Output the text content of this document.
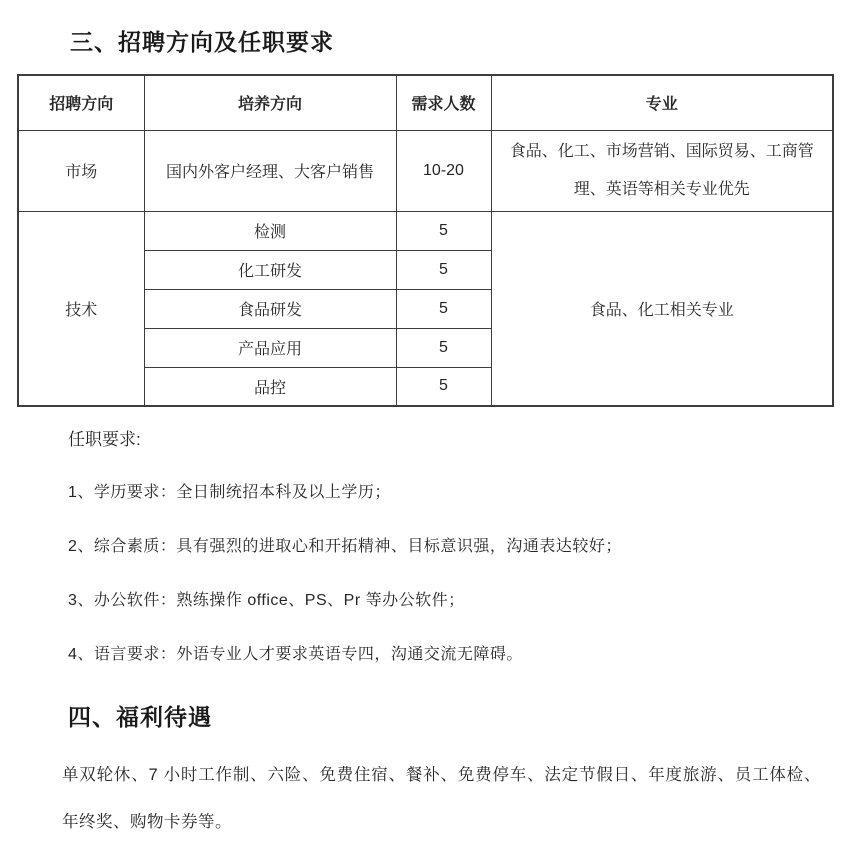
三、招聘方向及任职要求
招聘方向	培养方向	需求人数	专业
市场	国内外客户经理、大客户销售	10-20	食品、化工、市场营销、国际贸易、工商管理、英语等相关专业优先
技术	检测	5	食品、化工相关专业
	化工研发	5	
	食品研发	5	
	产品应用	5	
	品控	5	
任职要求:

1、学历要求：全日制统招本科及以上学历；

2、综合素质：具有强烈的进取心和开拓精神、目标意识强，沟通表达较好；

3、办公软件：熟练操作 office、PS、Pr 等办公软件；

4、语言要求：外语专业人才要求英语专四，沟通交流无障碍。

四、福利待遇

单双轮休、7 小时工作制、六险、免费住宿、餐补、免费停车、法定节假日、年度旅游、员工体检、年终奖、购物卡券等。
